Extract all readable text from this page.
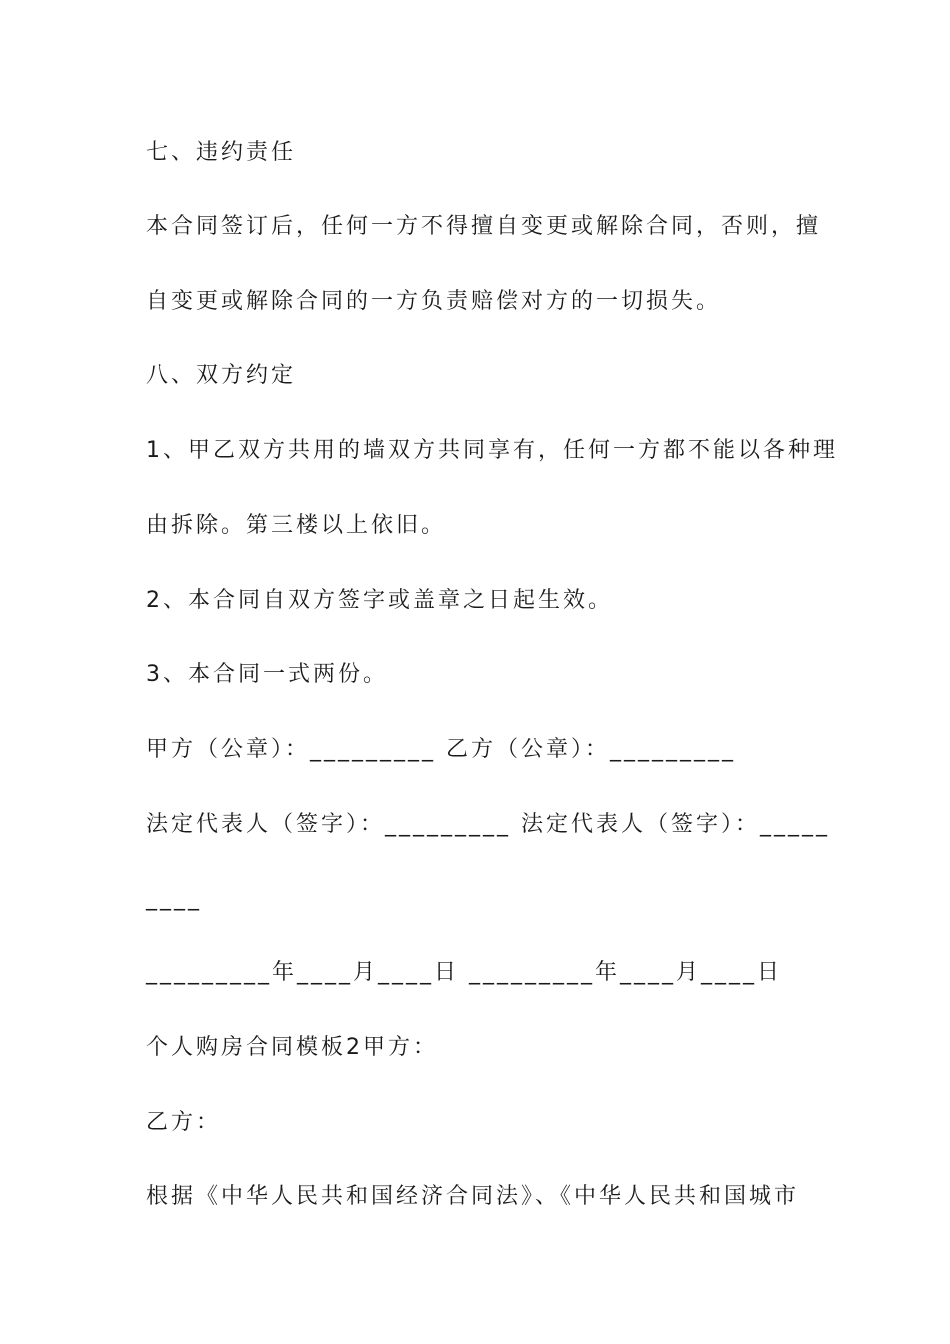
七、违约责任
本合同签订后，任何一方不得擅自变更或解除合同，否则，擅
自变更或解除合同的一方负责赔偿对方的一切损失。
八、双方约定
1、甲乙双方共用的墙双方共同享有，任何一方都不能以各种理
由拆除。第三楼以上依旧。
2、本合同自双方签字或盖章之日起生效。
3、本合同一式两份。
甲方（公章）：_________ 乙方（公章）：_________
法定代表人（签字）：_________ 法定代表人（签字）：_____
____
_________年____月____日 _________年____月____日
个人购房合同模板2甲方：
乙方：
根据《中华人民共和国经济合同法》、《中华人民共和国城市
